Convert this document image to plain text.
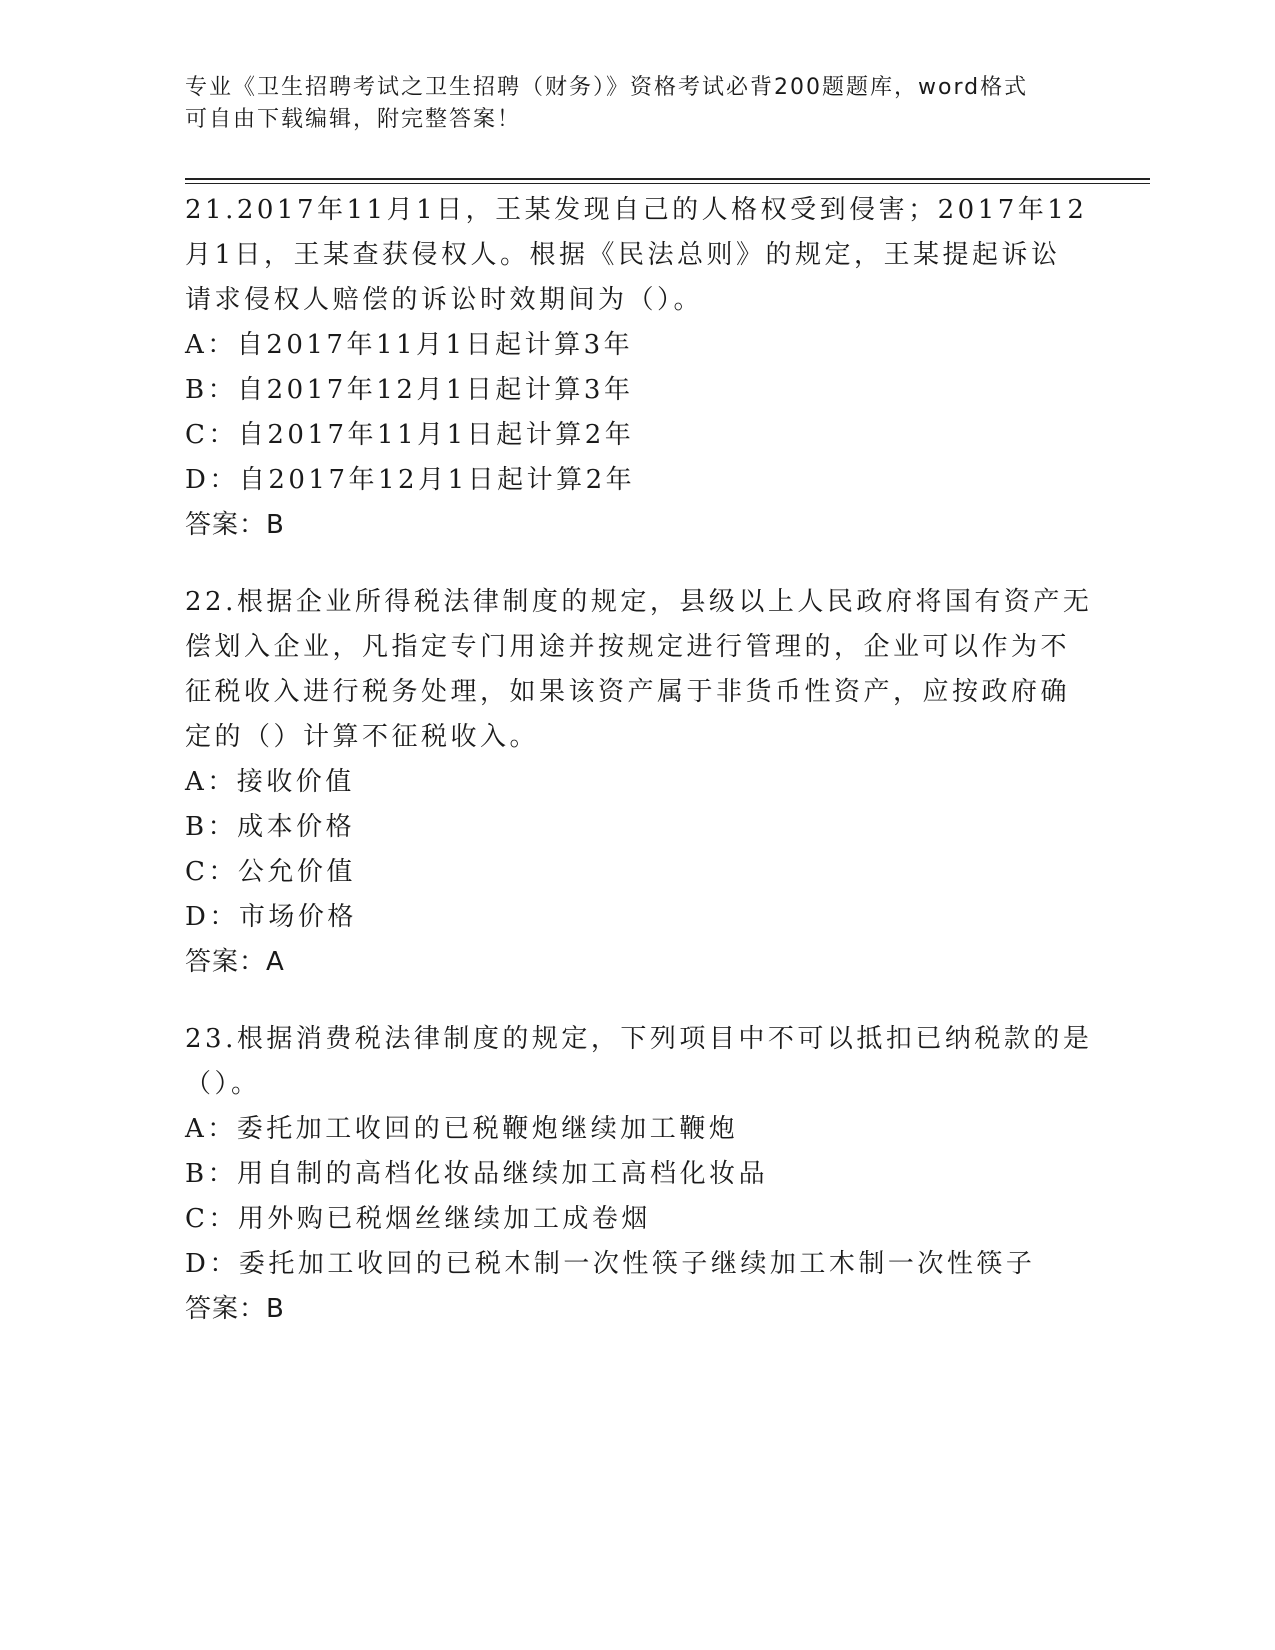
专业《卫生招聘考试之卫生招聘（财务）》资格考试必背200题题库，word格式
可自由下载编辑，附完整答案！
21.2017年11月1日，王某发现自己的人格权受到侵害；2017年12
月1日，王某查获侵权人。根据《民法总则》的规定，王某提起诉讼
请求侵权人赔偿的诉讼时效期间为（）。
A：自2017年11月1日起计算3年
B：自2017年12月1日起计算3年
C：自2017年11月1日起计算2年
D：自2017年12月1日起计算2年
答案：B
22.根据企业所得税法律制度的规定，县级以上人民政府将国有资产无
偿划入企业，凡指定专门用途并按规定进行管理的，企业可以作为不
征税收入进行税务处理，如果该资产属于非货币性资产，应按政府确
定的（）计算不征税收入。
A：接收价值
B：成本价格
C：公允价值
D：市场价格
答案：A
23.根据消费税法律制度的规定，下列项目中不可以抵扣已纳税款的是
（）。
A：委托加工收回的已税鞭炮继续加工鞭炮
B：用自制的高档化妆品继续加工高档化妆品
C：用外购已税烟丝继续加工成卷烟
D：委托加工收回的已税木制一次性筷子继续加工木制一次性筷子
答案：B
